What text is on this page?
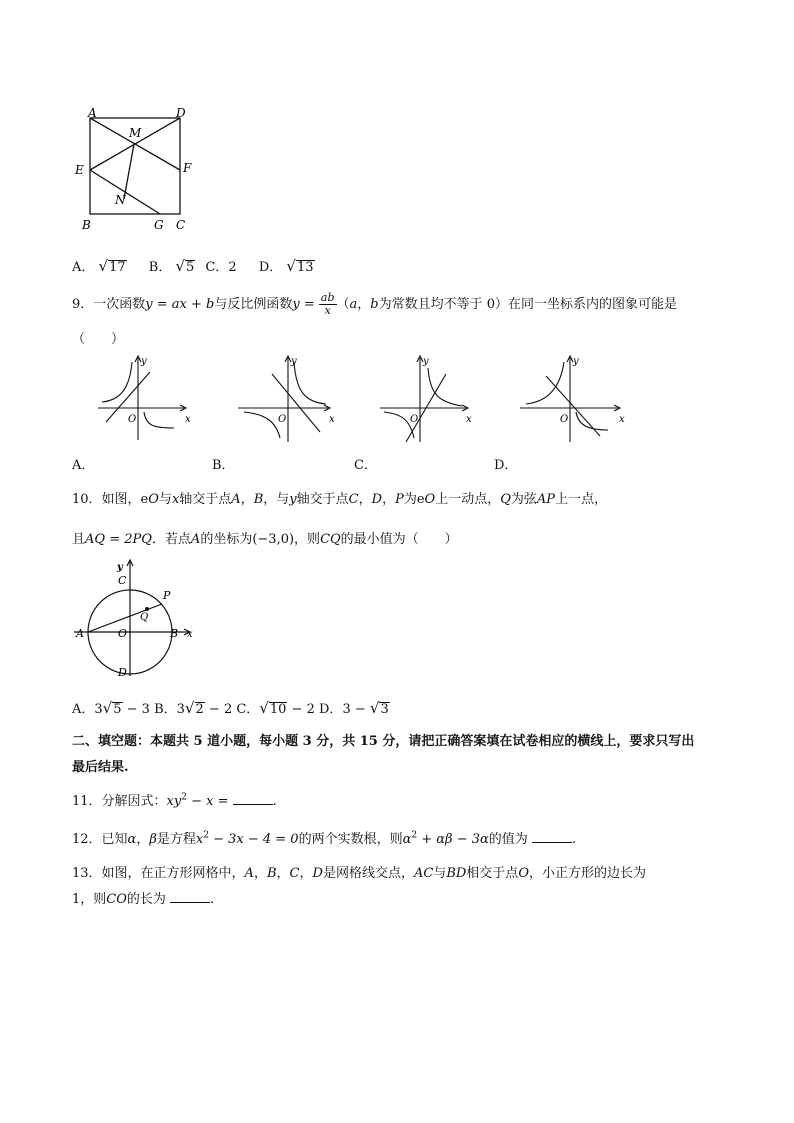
A	D
M
E	F
N
B	G C
A． √17 B． √5 C．2 D． √13
9．一次函数y = ax + b与反比例函数$y = \frac{ab}{x} (a$，b为常数且均不等于 0）在同一坐标系内的图象可能是
（　　）
y
x
O
y
x
O
y
x
O
y
x
O
A．	B．	C．	D．
10．如图，eO与x轴交于点A，B，与y轴交于点C，D，P为eO上一动点，Q为弦AP上一点，
且AQ = 2PQ．若点A的坐标为(−3,0)，则CQ的最小值为（　　）
y
C
P
Q
A	O	B x
D
A．3√5 − 3 B．3√2 − 2 C．√10 − 2 D．3 − √3
二、填空题：本题共 5 道小题，每小题 3 分，共 15 分，请把正确答案填在试卷相应的横线上，要求只写出
最后结果.
11．分解因式：$xy^2 - x$ =	.
12．已知α，β是方程$x^2 - 3x - 4 = 0$的两个实数根，则$\alpha^2 + \alpha\beta - 3\alpha$的值为	.
13．如图，在正方形网格中，A，B，C，D是网格线交点，AC与BD相交于点O，小正方形的边长为
1，则CO的长为	.
